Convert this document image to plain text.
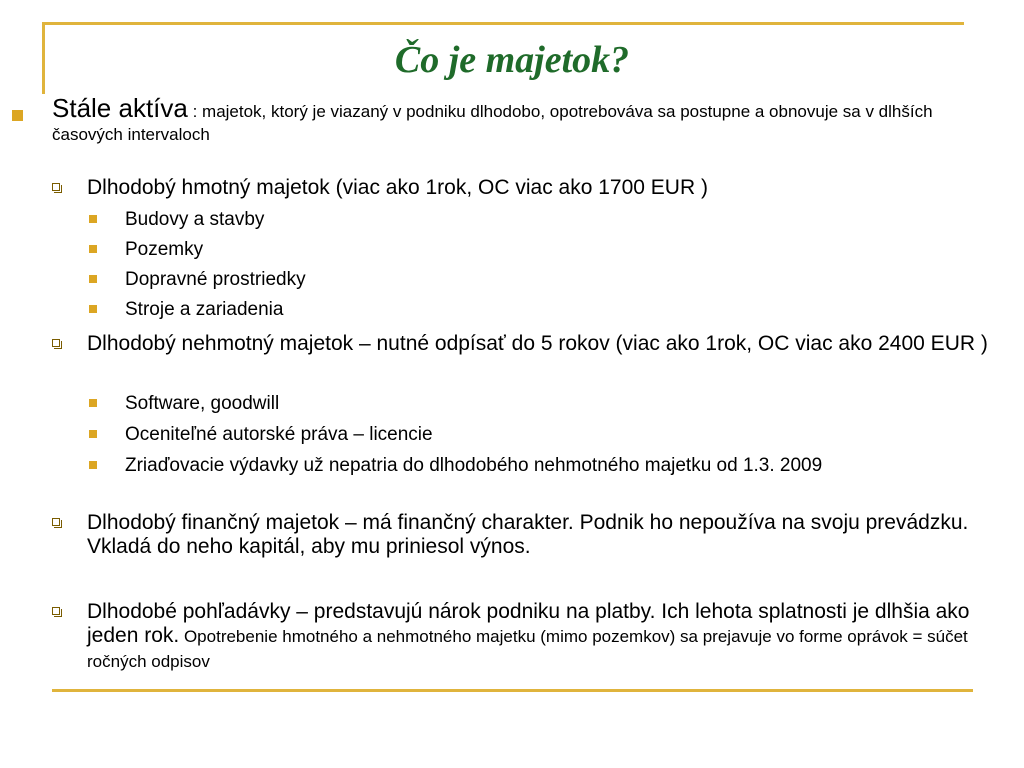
Čo je majetok?
Stále aktíva : majetok, ktorý je viazaný v podniku dlhodobo, opotrebováva sa postupne a obnovuje sa v dlhších časových intervaloch
Dlhodobý hmotný majetok (viac ako 1rok, OC viac ako 1700 EUR )
Budovy a stavby
Pozemky
Dopravné prostriedky
Stroje a zariadenia
Dlhodobý nehmotný majetok – nutné odpísať do 5 rokov (viac ako 1rok, OC viac ako 2400 EUR )
Software, goodwill
Oceniteľné autorské práva – licencie
Zriaďovacie výdavky už nepatria do dlhodobého nehmotného majetku od 1.3. 2009
Dlhodobý finančný majetok – má finančný charakter. Podnik ho nepoužíva na svoju prevádzku. Vkladá do neho kapitál, aby mu priniesol výnos.
Dlhodobé pohľadávky – predstavujú nárok podniku na platby. Ich lehota splatnosti je dlhšia ako jeden rok. Opotrebenie hmotného a nehmotného majetku (mimo pozemkov) sa prejavuje vo forme oprávok = súčet ročných odpisov
